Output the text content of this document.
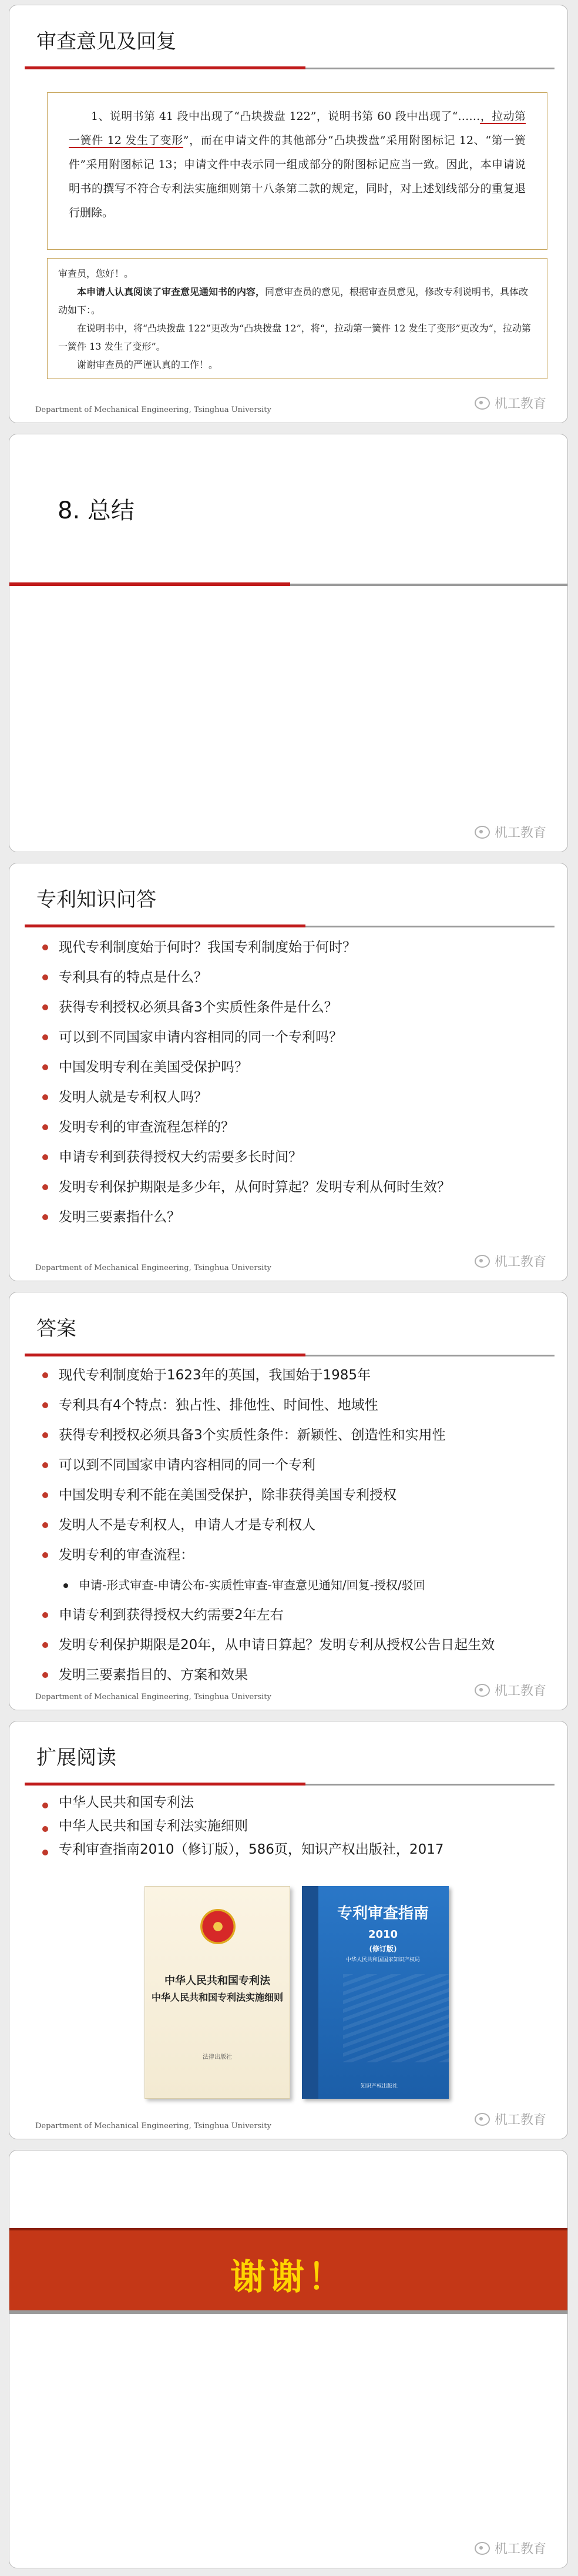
审查意见及回复
1、说明书第 41 段中出现了“凸块拨盘 122”，说明书第 60 段中出现了“……，拉动第一簧件 12 发生了变形”，而在申请文件的其他部分“凸块拨盘”采用附图标记 12、“第一簧件”采用附图标记 13；申请文件中表示同一组成部分的附图标记应当一致。因此，本申请说明书的撰写不符合专利法实施细则第十八条第二款的规定，同时，对上述划线部分的重复退行删除。

审查员，您好！。

本申请人认真阅读了审查意见通知书的内容，同意审查员的意见，根据审查员意见，修改专利说明书，具体改动如下：。

在说明书中，将“凸块拨盘 122”更改为“凸块拨盘 12”，将“，拉动第一簧件 12 发生了变形”更改为“，拉动第一簧件 13 发生了变形”。

谢谢审查员的严谨认真的工作！。

Department of Mechanical Engineering, Tsinghua University	机工教育
8. 总结
机工教育
专利知识问答
现代专利制度始于何时？我国专利制度始于何时？
专利具有的特点是什么？
获得专利授权必须具备3个实质性条件是什么？
可以到不同国家申请内容相同的同一个专利吗？
中国发明专利在美国受保护吗？
发明人就是专利权人吗？
发明专利的审查流程怎样的？
申请专利到获得授权大约需要多长时间？
发明专利保护期限是多少年，从何时算起？发明专利从何时生效？
发明三要素指什么？
Department of Mechanical Engineering, Tsinghua University	机工教育
答案
现代专利制度始于1623年的英国，我国始于1985年
专利具有4个特点：独占性、排他性、时间性、地域性
获得专利授权必须具备3个实质性条件：新颖性、创造性和实用性
可以到不同国家申请内容相同的同一个专利
中国发明专利不能在美国受保护，除非获得美国专利授权
发明人不是专利权人，申请人才是专利权人
发明专利的审查流程：
申请-形式审查-申请公布-实质性审查-审查意见通知/回复-授权/驳回
申请专利到获得授权大约需要2年左右
发明专利保护期限是20年，从申请日算起？发明专利从授权公告日起生效
发明三要素指目的、方案和效果
Department of Mechanical Engineering, Tsinghua University	机工教育
扩展阅读
中华人民共和国专利法
中华人民共和国专利法实施细则
专利审查指南2010（修订版），586页，知识产权出版社，2017
中华人民共和国专利法
中华人民共和国专利法实施细则
法律出版社
专利审查指南
2010
(修订版)
中华人民共和国国家知识产权局
知识产权出版社
Department of Mechanical Engineering, Tsinghua University	机工教育
谢谢！
机工教育
